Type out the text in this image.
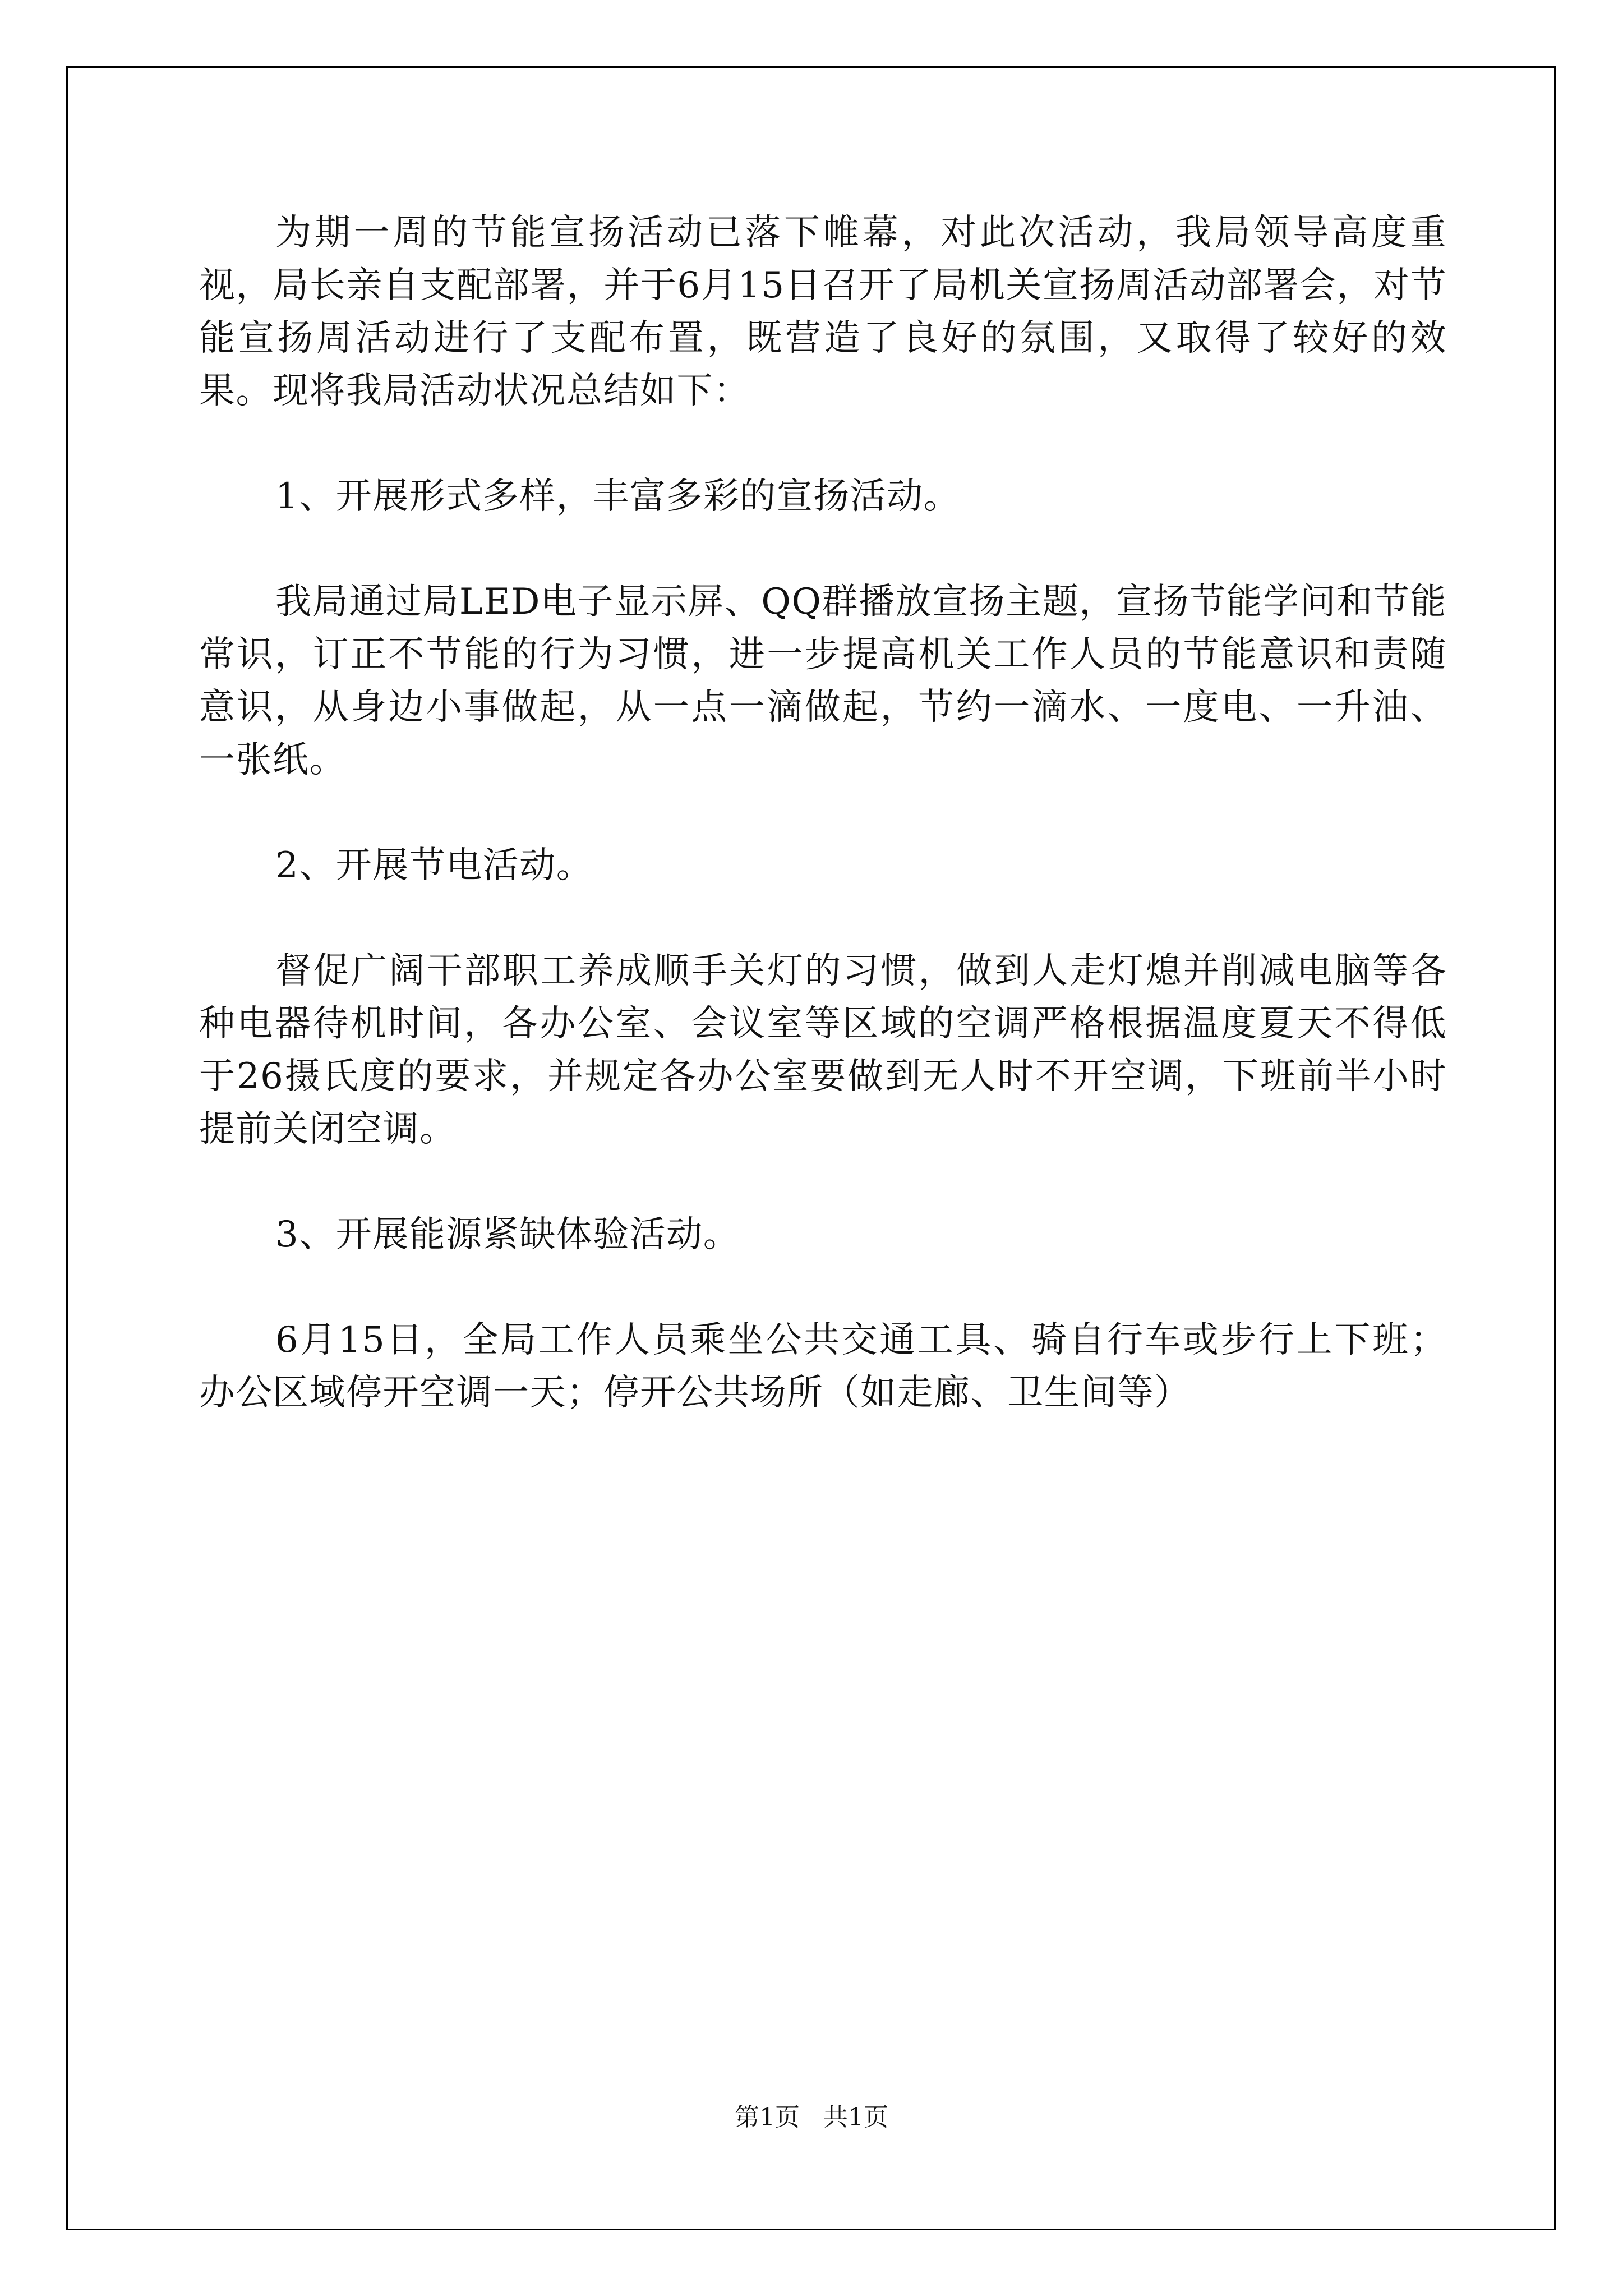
为期一周的节能宣扬活动已落下帷幕，对此次活动，我局领导高度重视，局长亲自支配部署，并于6月15日召开了局机关宣扬周活动部署会，对节能宣扬周活动进行了支配布置，既营造了良好的氛围，又取得了较好的效果。现将我局活动状况总结如下：

1、开展形式多样，丰富多彩的宣扬活动。

我局通过局LED电子显示屏、QQ群播放宣扬主题，宣扬节能学问和节能常识，订正不节能的行为习惯，进一步提高机关工作人员的节能意识和责随意识，从身边小事做起，从一点一滴做起，节约一滴水、一度电、一升油、一张纸。

2、开展节电活动。

督促广阔干部职工养成顺手关灯的习惯，做到人走灯熄并削减电脑等各种电器待机时间，各办公室、会议室等区域的空调严格根据温度夏天不得低于26摄氏度的要求，并规定各办公室要做到无人时不开空调，下班前半小时提前关闭空调。

3、开展能源紧缺体验活动。

6月15日，全局工作人员乘坐公共交通工具、骑自行车或步行上下班；办公区域停开空调一天；停开公共场所（如走廊、卫生间等）

第1页 共1页
